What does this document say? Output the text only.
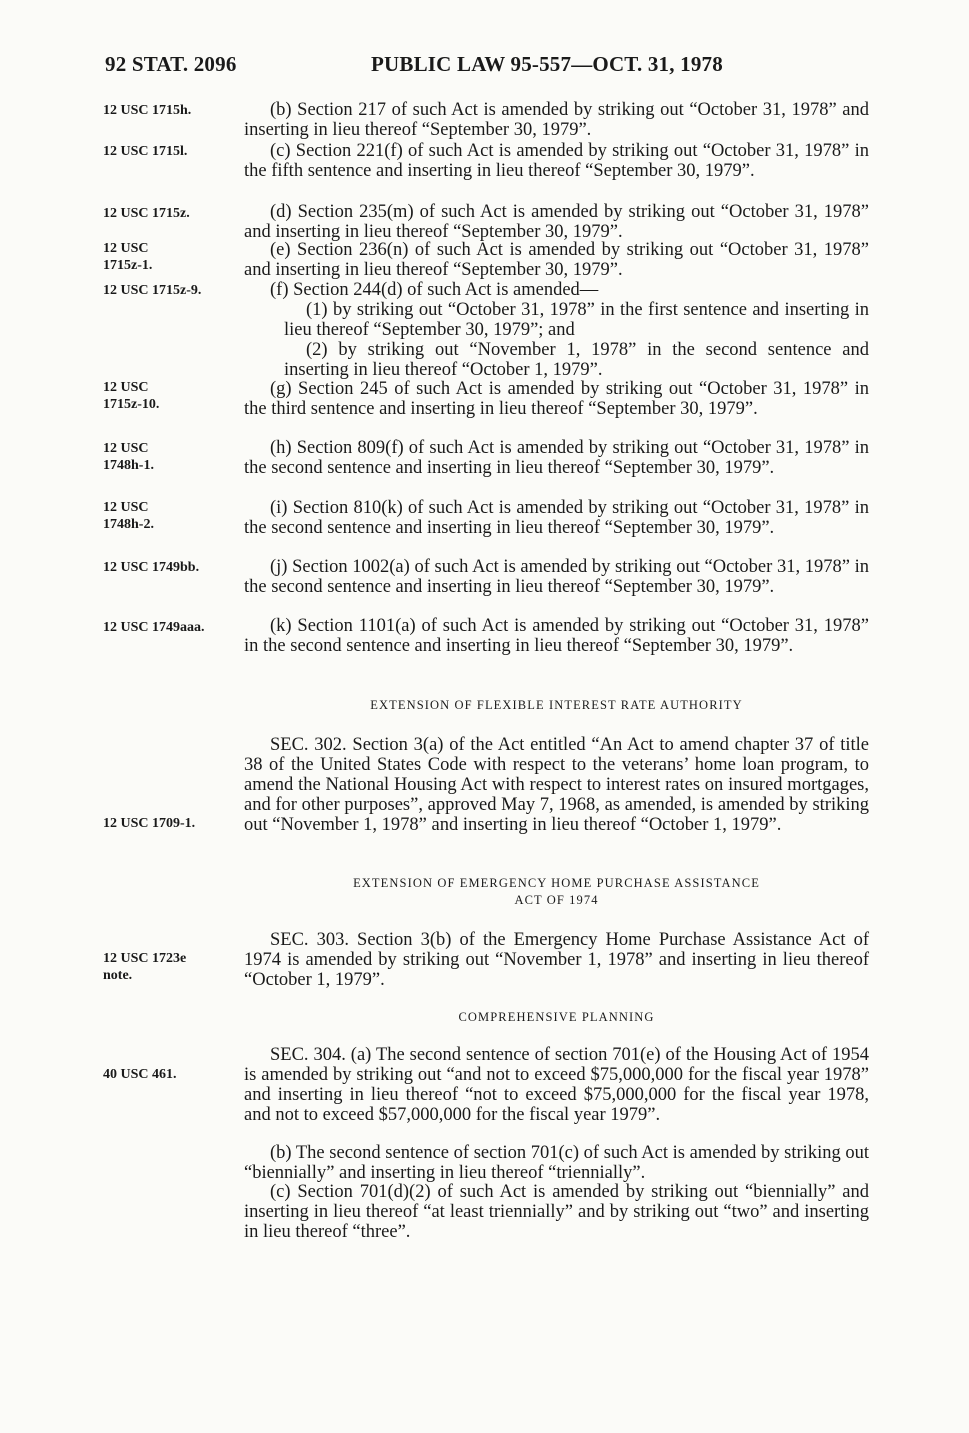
92 STAT. 2096	PUBLIC LAW 95-557—OCT. 31, 1978
12 USC 1715h.
12 USC 1715l.
12 USC 1715z.
12 USC
1715z-1.
12 USC 1715z-9.
12 USC
1715z-10.
12 USC
1748h-1.
12 USC
1748h-2.
12 USC 1749bb.
12 USC 1749aaa.
12 USC 1709-1.
12 USC 1723e
note.
40 USC 461.
(b) Section 217 of such Act is amended by striking out “October 31, 1978” and inserting in lieu thereof “September 30, 1979”.
(c) Section 221(f) of such Act is amended by striking out “October 31, 1978” in the fifth sentence and inserting in lieu thereof “September 30, 1979”.
(d) Section 235(m) of such Act is amended by striking out “October 31, 1978” and inserting in lieu thereof “September 30, 1979”.
(e) Section 236(n) of such Act is amended by striking out “October 31, 1978” and inserting in lieu thereof “September 30, 1979”.
(f) Section 244(d) of such Act is amended—
(1) by striking out “October 31, 1978” in the first sentence and inserting in lieu thereof “September 30, 1979”; and
(2) by striking out “November 1, 1978” in the second sentence and inserting in lieu thereof “October 1, 1979”.
(g) Section 245 of such Act is amended by striking out “October 31, 1978” in the third sentence and inserting in lieu thereof “September 30, 1979”.
(h) Section 809(f) of such Act is amended by striking out “October 31, 1978” in the second sentence and inserting in lieu thereof “September 30, 1979”.
(i) Section 810(k) of such Act is amended by striking out “October 31, 1978” in the second sentence and inserting in lieu thereof “September 30, 1979”.
(j) Section 1002(a) of such Act is amended by striking out “October 31, 1978” in the second sentence and inserting in lieu thereof “September 30, 1979”.
(k) Section 1101(a) of such Act is amended by striking out “October 31, 1978” in the second sentence and inserting in lieu thereof “September 30, 1979”.
EXTENSION OF FLEXIBLE INTEREST RATE AUTHORITY
SEC. 302. Section 3(a) of the Act entitled “An Act to amend chapter 37 of title 38 of the United States Code with respect to the veterans’ home loan program, to amend the National Housing Act with respect to interest rates on insured mortgages, and for other purposes”, approved May 7, 1968, as amended, is amended by striking out “November 1, 1978” and inserting in lieu thereof “October 1, 1979”.
EXTENSION OF EMERGENCY HOME PURCHASE ASSISTANCE
ACT OF 1974
SEC. 303. Section 3(b) of the Emergency Home Purchase Assistance Act of 1974 is amended by striking out “November 1, 1978” and inserting in lieu thereof “October 1, 1979”.
COMPREHENSIVE PLANNING
SEC. 304. (a) The second sentence of section 701(e) of the Housing Act of 1954 is amended by striking out “and not to exceed $75,000,000 for the fiscal year 1978” and inserting in lieu thereof “not to exceed $75,000,000 for the fiscal year 1978, and not to exceed $57,000,000 for the fiscal year 1979”.
(b) The second sentence of section 701(c) of such Act is amended by striking out “biennially” and inserting in lieu thereof “triennially”.
(c) Section 701(d)(2) of such Act is amended by striking out “biennially” and inserting in lieu thereof “at least triennially” and by striking out “two” and inserting in lieu thereof “three”.
